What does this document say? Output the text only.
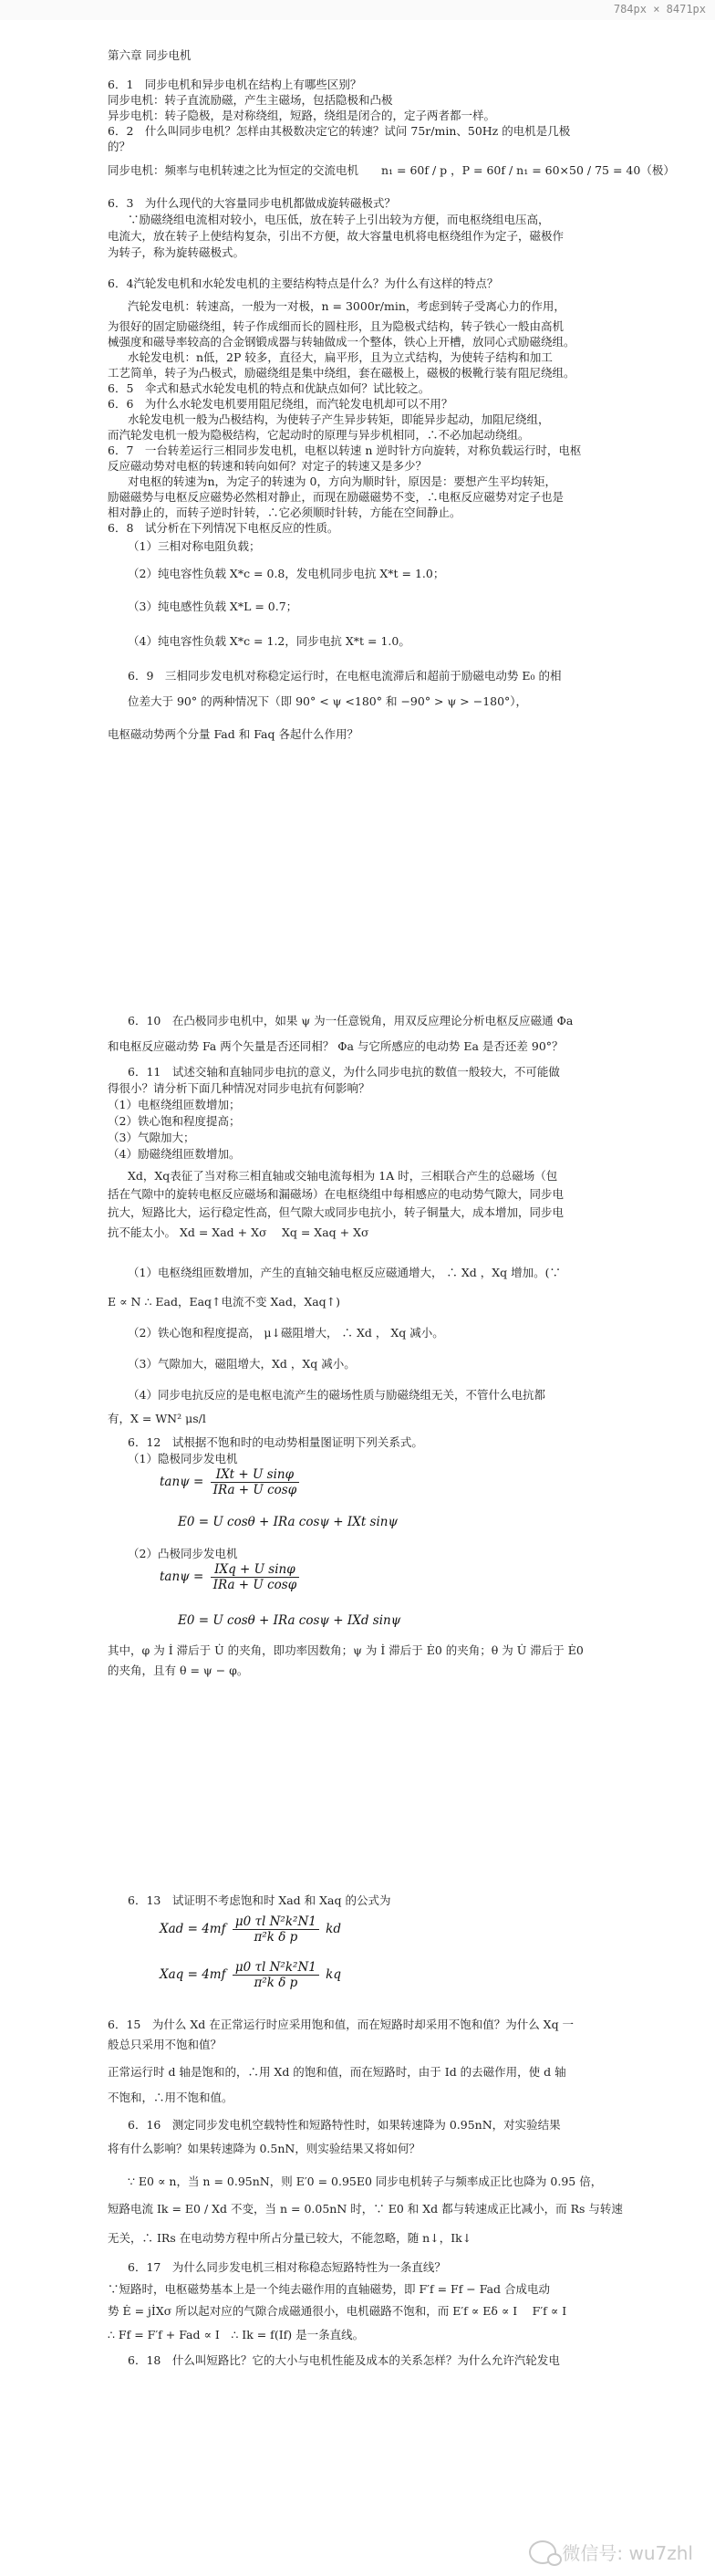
784px × 8471px
第六章 同步电机
6．1　同步电机和异步电机在结构上有哪些区别？
同步电机：转子直流励磁，产生主磁场，包括隐极和凸极
异步电机：转子隐极，是对称绕组，短路，绕组是闭合的，定子两者都一样。
6．2　什么叫同步电机？怎样由其极数决定它的转速？试问 75r/min、50Hz 的电机是几极
的？
同步电机：频率与电机转速之比为恒定的交流电机 n₁ = 60f / p ，P = 60f / n₁ = 60×50 / 75 = 40（极）
6．3　为什么现代的大容量同步电机都做成旋转磁极式？
∵励磁绕组电流相对较小，电压低，放在转子上引出较为方便，而电枢绕组电压高，
电流大，放在转子上使结构复杂，引出不方便，故大容量电机将电枢绕组作为定子，磁极作
为转子，称为旋转磁极式。
6．4汽轮发电机和水轮发电机的主要结构特点是什么？为什么有这样的特点？
汽轮发电机：转速高，一般为一对极，n = 3000r/min，考虑到转子受离心力的作用，
为很好的固定励磁绕组，转子作成细而长的圆柱形，且为隐极式结构，转子铁心一般由高机
械强度和磁导率较高的合金钢锻成器与转轴做成一个整体，铁心上开槽，放同心式励磁绕组。
水轮发电机：n低，2P 较多，直径大，扁平形，且为立式结构，为使转子结构和加工
工艺简单，转子为凸极式，励磁绕组是集中绕组，套在磁极上，磁极的极靴行装有阻尼绕组。
6．5　伞式和悬式水轮发电机的特点和优缺点如何？试比较之。
6．6　为什么水轮发电机要用阻尼绕组，而汽轮发电机却可以不用？
水轮发电机一般为凸极结构，为使转子产生异步转矩，即能异步起动，加阻尼绕组，
而汽轮发电机一般为隐极结构，它起动时的原理与异步机相同，∴不必加起动绕组。
6．7　一台转差运行三相同步发电机，电枢以转速 n 逆时针方向旋转，对称负载运行时，电枢
反应磁动势对电枢的转速和转向如何？对定子的转速又是多少？
对电枢的转速为n，为定子的转速为 0，方向为顺时针，原因是：要想产生平均转矩，
励磁磁势与电枢反应磁势必然相对静止，而现在励磁磁势不变，∴电枢反应磁势对定子也是
相对静止的，而转子逆时针转，∴它必须顺时针转，方能在空间静止。
6．8　试分析在下列情况下电枢反应的性质。
（1）三相对称电阻负载；
（2）纯电容性负载 X*c = 0.8，发电机同步电抗 X*t = 1.0；
（3）纯电感性负载 X*L = 0.7；
（4）纯电容性负载 X*c = 1.2，同步电抗 X*t = 1.0。
6．9　三相同步发电机对称稳定运行时，在电枢电流滞后和超前于励磁电动势 E₀ 的相
位差大于 90° 的两种情况下（即 90° < ψ <180° 和 −90° > ψ > −180°），
电枢磁动势两个分量 Fad 和 Faq 各起什么作用？
6．10　在凸极同步电机中，如果 ψ 为一任意锐角，用双反应理论分析电枢反应磁通 Φa
和电枢反应磁动势 Fa 两个矢量是否还同相？ Φa 与它所感应的电动势 Ea 是否还差 90°？
6．11　试述交轴和直轴同步电抗的意义，为什么同步电抗的数值一般较大，不可能做
得很小？请分析下面几种情况对同步电抗有何影响？
（1）电枢绕组匝数增加；
（2）铁心饱和程度提高；
（3）气隙加大；
（4）励磁绕组匝数增加。
Xd，Xq表征了当对称三相直轴或交轴电流每相为 1A 时，三相联合产生的总磁场（包
括在气隙中的旋转电枢反应磁场和漏磁场）在电枢绕组中每相感应的电动势气隙大，同步电
抗大，短路比大，运行稳定性高，但气隙大或同步电抗小，转子铜量大，成本增加，同步电
抗不能太小。 Xd = Xad + Xσ　 Xq = Xaq + Xσ
（1）电枢绕组匝数增加，产生的直轴交轴电枢反应磁通增大， ∴ Xd ，Xq 增加。(∵
E ∝ N ∴ Ead，Eaq↑电流不变 Xad，Xaq↑)
（2）铁心饱和程度提高， μ↓磁阻增大， ∴ Xd ， Xq 减小。
（3）气隙加大，磁阻增大，Xd ，Xq 减小。
（4）同步电抗反应的是电枢电流产生的磁场性质与励磁绕组无关，不管什么电抗都
有，X = WN² μs/l
6．12　试根据不饱和时的电动势相量图证明下列关系式。
（1）隐极同步发电机
$\tan\psi = \frac{\text{IXt + U sinφ}}{\text{IRa + U cosφ}}$
E0 = U cosθ + IRa cosψ + IXt sinψ
（2）凸极同步发电机
$\tan\psi = \frac{\text{IXq + U sinφ}}{\text{IRa + U cosφ}}$
E0 = U cosθ + IRa cosψ + IXd sinψ
其中，φ 为 İ 滞后于 U̇ 的夹角，即功率因数角；ψ 为 İ 滞后于 Ė0 的夹角；θ 为 U̇ 滞后于 Ė0
的夹角，且有 θ = ψ − φ。
6．13　试证明不考虑饱和时 Xad 和 Xaq 的公式为
Xad = $4mf \frac{\text{μ0 τl N²k²N1}}{\text{π²k δ p}}$ kd
Xaq = $4mf \frac{\text{μ0 τl N²k²N1}}{\text{π²k δ p}}$ kq
6．15　为什么 Xd 在正常运行时应采用饱和值，而在短路时却采用不饱和值？为什么 Xq 一
般总只采用不饱和值？
正常运行时 d 轴是饱和的，∴用 Xd 的饱和值，而在短路时，由于 Id 的去磁作用，使 d 轴
不饱和，∴用不饱和值。
6．16　测定同步发电机空载特性和短路特性时，如果转速降为 0.95nN，对实验结果
将有什么影响？如果转速降为 0.5nN，则实验结果又将如何？
∵ E0 ∝ n，当 n = 0.95nN，则 E′0 = 0.95E0 同步电机转子与频率成正比也降为 0.95 倍，
短路电流 Ik = E0 / Xd 不变，当 n = 0.05nN 时，∵ E0 和 Xd 都与转速成正比减小，而 Rs 与转速
无关，∴ IRs 在电动势方程中所占分量已较大，不能忽略，随 n↓，Ik↓
6．17　为什么同步发电机三相对称稳态短路特性为一条直线？
∵短路时，电枢磁势基本上是一个纯去磁作用的直轴磁势，即 F′f = Ff − Fad 合成电动
势 Ė = jİXσ 所以起对应的气隙合成磁通很小，电机磁路不饱和，而 E′f ∝ Eδ ∝ I　 F′f ∝ I
∴ Ff = F′f + Fad ∝ I　∴ Ik = f(If) 是一条直线。
6．18　什么叫短路比？它的大小与电机性能及成本的关系怎样？为什么允许汽轮发电
微信号: wu7zhl
